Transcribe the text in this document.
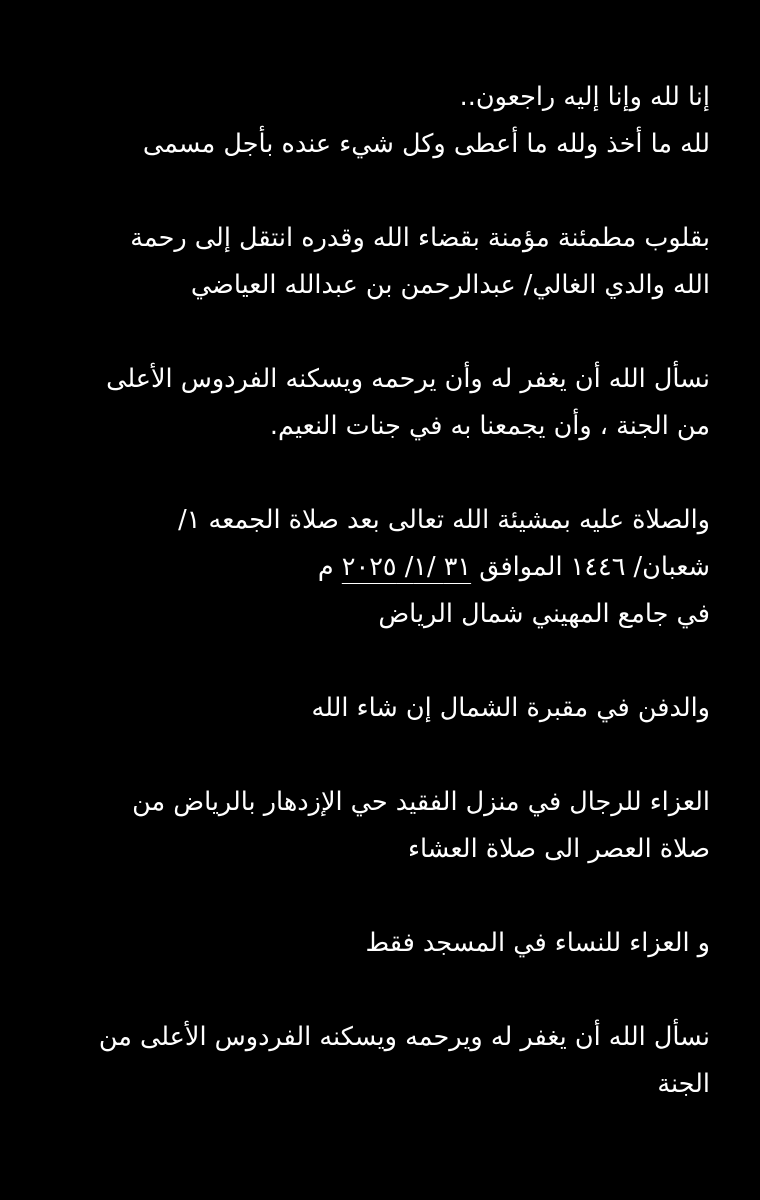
إنا لله وإنا إليه راجعون..
لله ما أخذ ولله ما أعطى وكل شيء عنده بأجل مسمى
بقلوب مطمئنة مؤمنة بقضاء الله وقدره انتقل إلى رحمة
الله والدي الغالي/ عبدالرحمن بن عبدالله العياضي
نسأل الله أن يغفر له وأن يرحمه ويسكنه الفردوس الأعلى
من الجنة ، وأن يجمعنا به في جنات النعيم.
والصلاة عليه بمشيئة الله تعالى بعد صلاة الجمعه ١/
شعبان/ ١٤٤٦ الموافق ٣١ /١/ ٢٠٢٥ م
في جامع المهيني شمال الرياض
والدفن في مقبرة الشمال إن شاء الله
العزاء للرجال في منزل الفقيد حي الإزدهار بالرياض من
صلاة العصر الى صلاة العشاء
و العزاء للنساء في المسجد فقط
نسأل الله أن يغفر له ويرحمه ويسكنه الفردوس الأعلى من
الجنة
